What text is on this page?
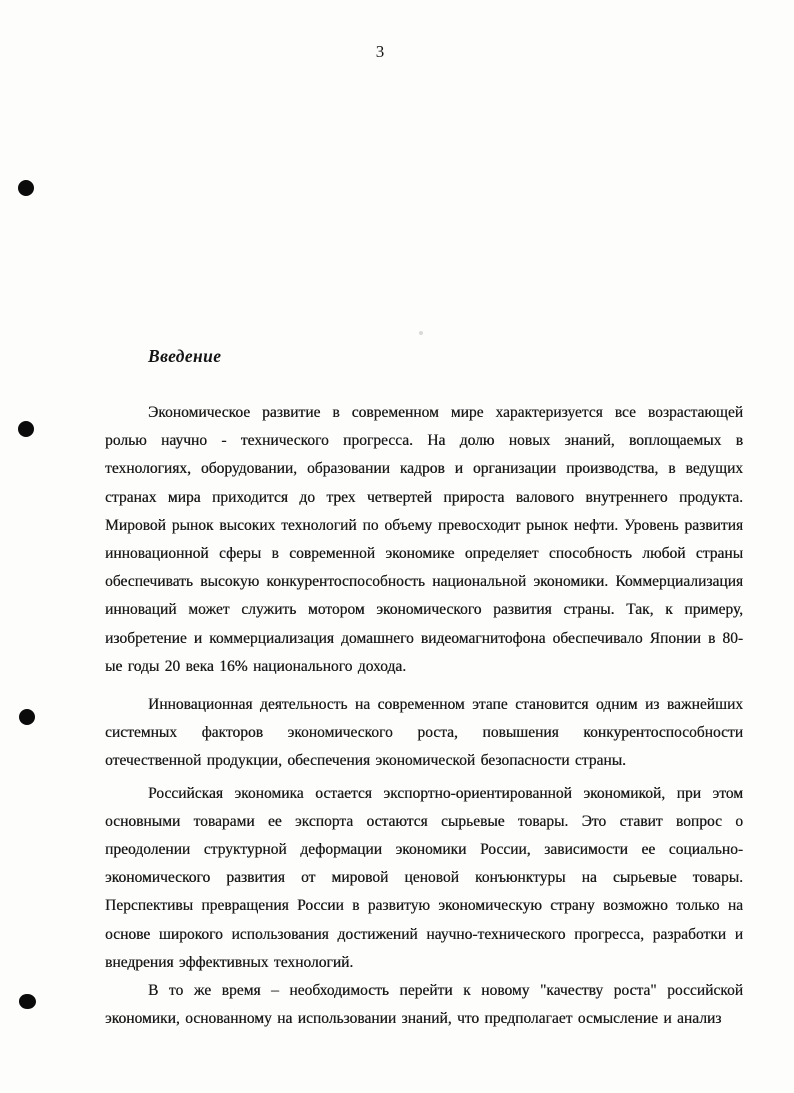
3
Введение

Экономическое развитие в современном мире характеризуется все возрастающей ролью научно - технического прогресса. На долю новых знаний, воплощаемых в технологиях, оборудовании, образовании кадров и организации производства, в ведущих странах мира приходится до трех четвертей прироста валового внутреннего продукта. Мировой рынок высоких технологий по объему превосходит рынок нефти. Уровень развития инновационной сферы в современной экономике определяет способность любой страны обеспечивать высокую конкурентоспособность национальной экономики. Коммерциализация инноваций может служить мотором экономического развития страны. Так, к примеру, изобретение и коммерциализация домашнего видеомагнитофона обеспечивало Японии в 80-ые годы 20 века 16% национального дохода.

Инновационная деятельность на современном этапе становится одним из важнейших системных факторов экономического роста, повышения конкурентоспособности отечественной продукции, обеспечения экономической безопасности страны.

Российская экономика остается экспортно-ориентированной экономикой, при этом основными товарами ее экспорта остаются сырьевые товары. Это ставит вопрос о преодолении структурной деформации экономики России, зависимости ее социально-экономического развития от мировой ценовой конъюнктуры на сырьевые товары. Перспективы превращения России в развитую экономическую страну возможно только на основе широкого использования достижений научно-технического прогресса, разработки и внедрения эффективных технологий.

В то же время – необходимость перейти к новому "качеству роста" российской экономики, основанному на использовании знаний, что предполагает осмысление и анализ
